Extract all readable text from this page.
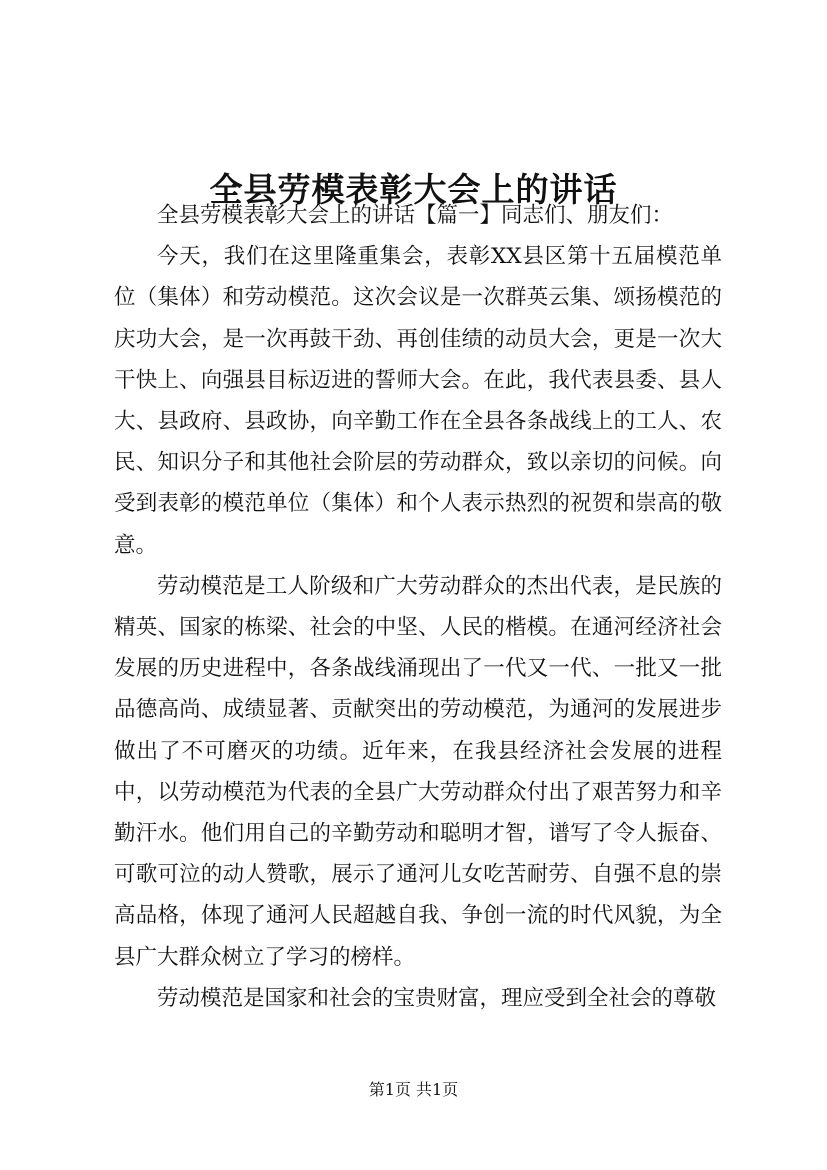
全县劳模表彰大会上的讲话

全县劳模表彰大会上的讲话【篇一】同志们、朋友们：

今天，我们在这里隆重集会，表彰XX县区第十五届模范单位（集体）和劳动模范。这次会议是一次群英云集、颂扬模范的庆功大会，是一次再鼓干劲、再创佳绩的动员大会，更是一次大干快上、向强县目标迈进的誓师大会。在此，我代表县委、县人大、县政府、县政协，向辛勤工作在全县各条战线上的工人、农民、知识分子和其他社会阶层的劳动群众，致以亲切的问候。向受到表彰的模范单位（集体）和个人表示热烈的祝贺和崇高的敬意。

劳动模范是工人阶级和广大劳动群众的杰出代表，是民族的精英、国家的栋梁、社会的中坚、人民的楷模。在通河经济社会发展的历史进程中，各条战线涌现出了一代又一代、一批又一批品德高尚、成绩显著、贡献突出的劳动模范，为通河的发展进步做出了不可磨灭的功绩。近年来，在我县经济社会发展的进程中，以劳动模范为代表的全县广大劳动群众付出了艰苦努力和辛勤汗水。他们用自己的辛勤劳动和聪明才智，谱写了令人振奋、可歌可泣的动人赞歌，展示了通河儿女吃苦耐劳、自强不息的崇高品格，体现了通河人民超越自我、争创一流的时代风貌，为全县广大群众树立了学习的榜样。

劳动模范是国家和社会的宝贵财富，理应受到全社会的尊敬

第1页 共1页
